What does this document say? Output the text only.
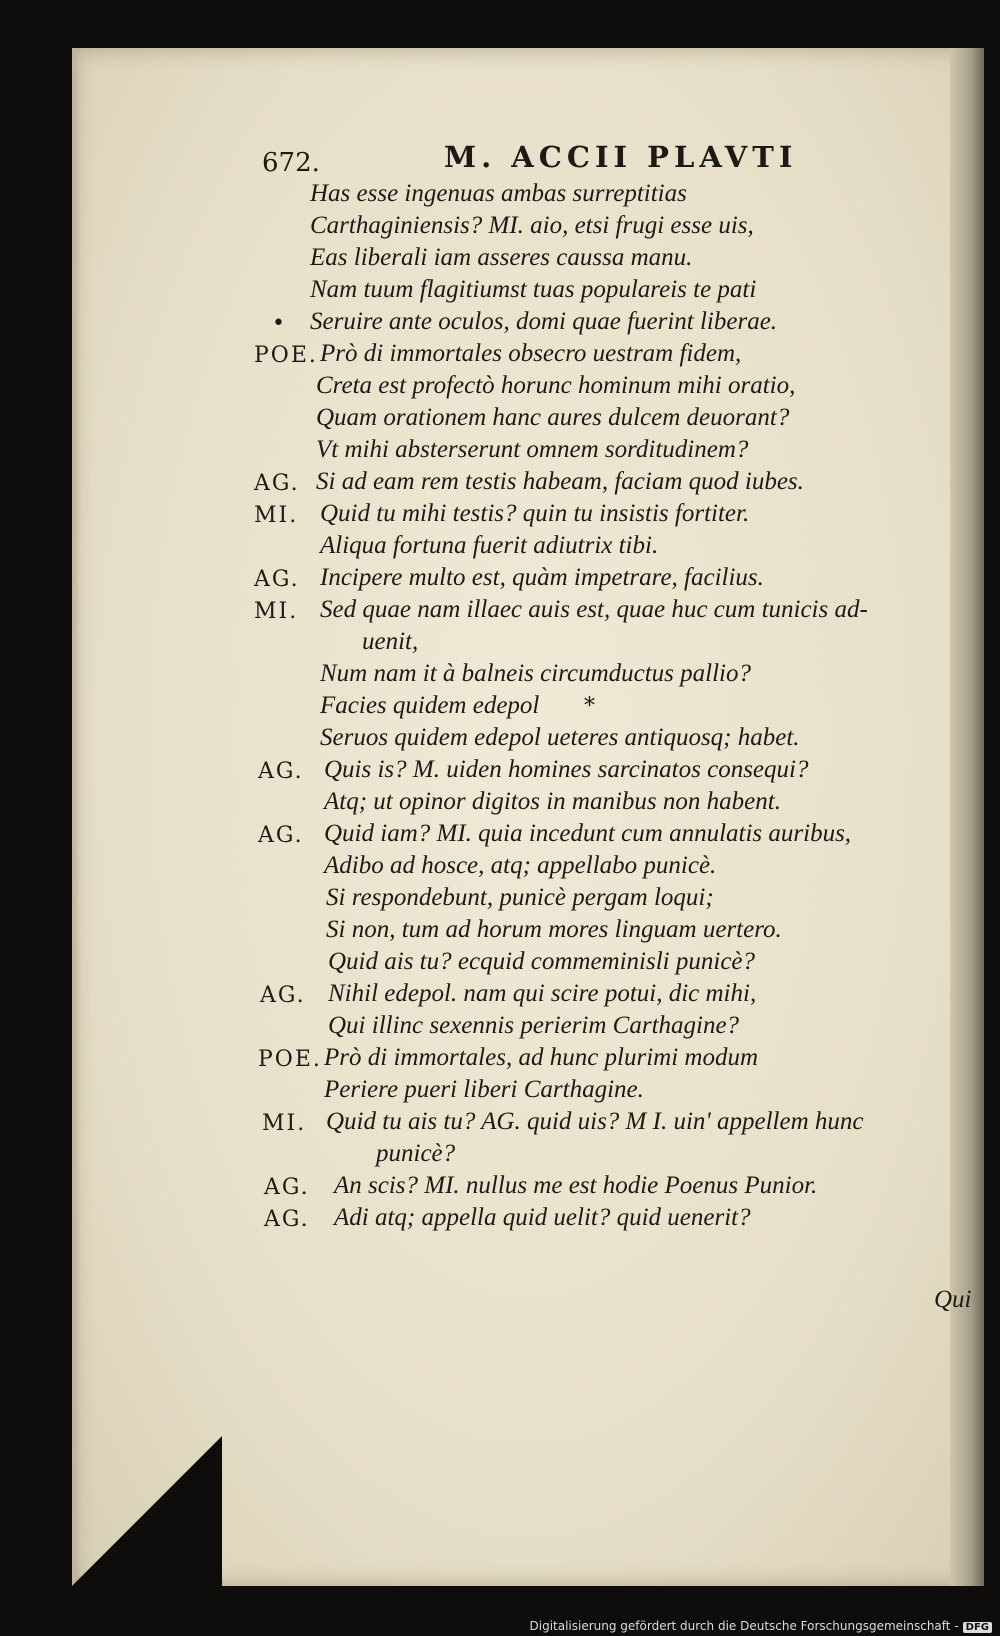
672.	M. ACCII PLAVTI
Has esse ingenuas ambas surreptitias
Carthaginiensis? MI. aio, etsi frugi esse uis,
Eas liberali iam asseres caussa manu.
Nam tuum flagitiumst tuas populareis te pati
• Seruire ante oculos, domi quae fuerint liberae.
POE. Prò di immortales obsecro uestram fidem,
Creta est profectò horunc hominum mihi oratio,
Quam orationem hanc aures dulcem deuorant?
Vt mihi absterserunt omnem sorditudinem?
AG. Si ad eam rem testis habeam, faciam quod iubes.
MI. Quid tu mihi testis? quin tu insistis fortiter.
Aliqua fortuna fuerit adiutrix tibi.
AG. Incipere multo est, quàm impetrare, facilius.
MI. Sed quae nam illaec auis est, quae huc cum tunicis ad-
uenit,
Num nam it à balneis circumductus pallio?
Facies quidem edepol *
Seruos quidem edepol ueteres antiquosq; habet.
AG. Quis is? M. uiden homines sarcinatos consequi?
Atq; ut opinor digitos in manibus non habent.
AG. Quid iam? MI. quia incedunt cum annulatis auribus,
Adibo ad hosce, atq; appellabo punicè.
Si respondebunt, punicè pergam loqui;
Si non, tum ad horum mores linguam uertero.
Quid ais tu? ecquid commeminisli punicè?
AG. Nihil edepol. nam qui scire potui, dic mihi,
Qui illinc sexennis perierim Carthagine?
POE. Prò di immortales, ad hunc plurimi modum
Periere pueri liberi Carthagine.
MI. Quid tu ais tu? AG. quid uis? M I. uin' appellem hunc
punicè?
AG. An scis? MI. nullus me est hodie Poenus Punior.
AG. Adi atq; appella quid uelit? quid uenerit?
Qui
Digitalisierung gefördert durch die Deutsche Forschungsgemeinschaft - DFG
